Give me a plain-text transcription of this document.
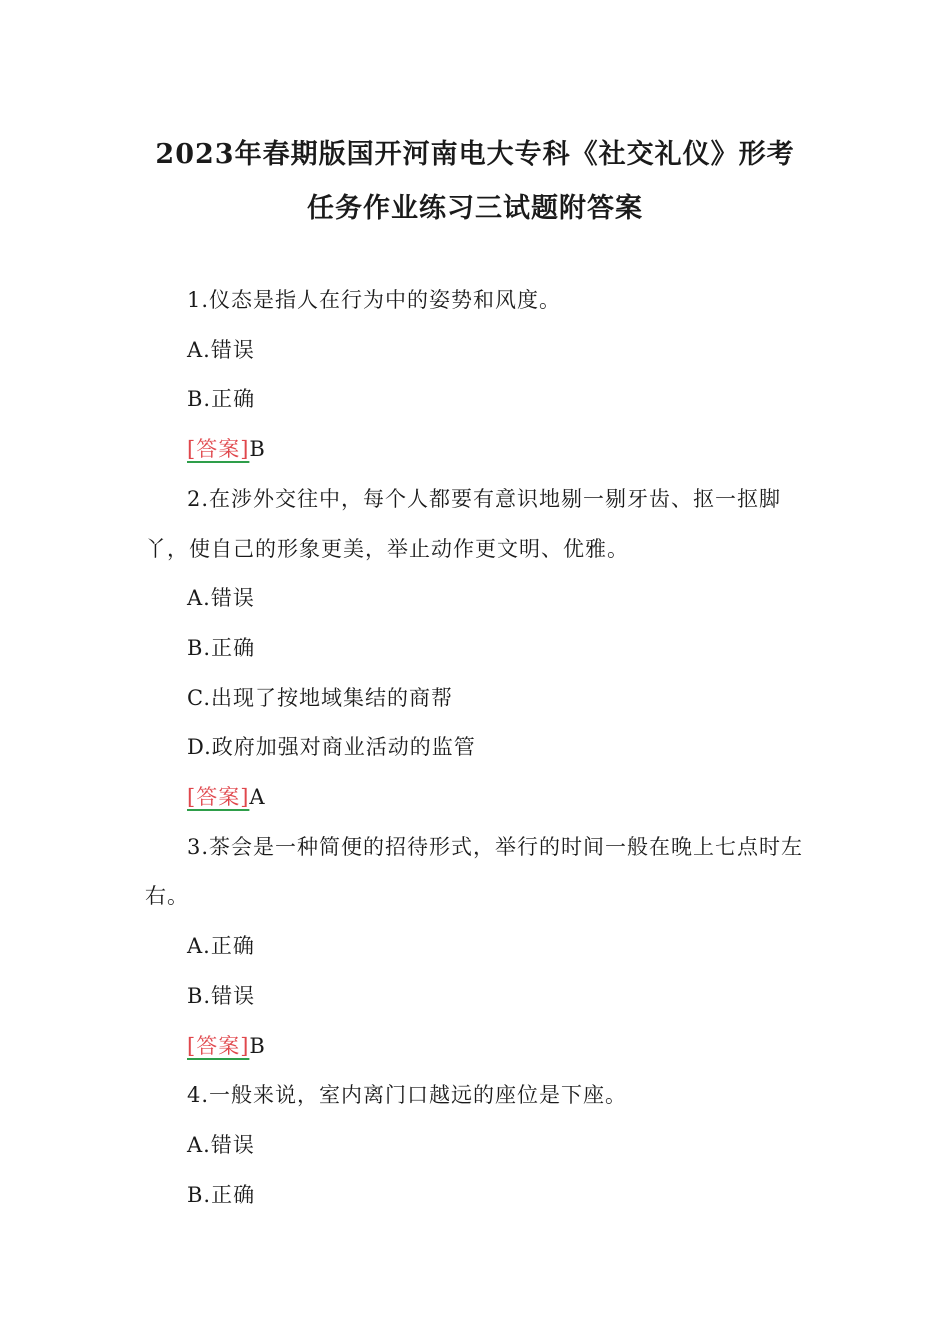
2023年春期版国开河南电大专科《社交礼仪》形考
任务作业练习三试题附答案

1.仪态是指人在行为中的姿势和风度。

A.错误

B.正确

[答案]B

2.在涉外交往中，每个人都要有意识地剔一剔牙齿、抠一抠脚丫，使自己的形象更美，举止动作更文明、优雅。

A.错误

B.正确

C.出现了按地域集结的商帮

D.政府加强对商业活动的监管

[答案]A

3.茶会是一种简便的招待形式，举行的时间一般在晚上七点时左右。

A.正确

B.错误

[答案]B

4.一般来说，室内离门口越远的座位是下座。

A.错误

B.正确
